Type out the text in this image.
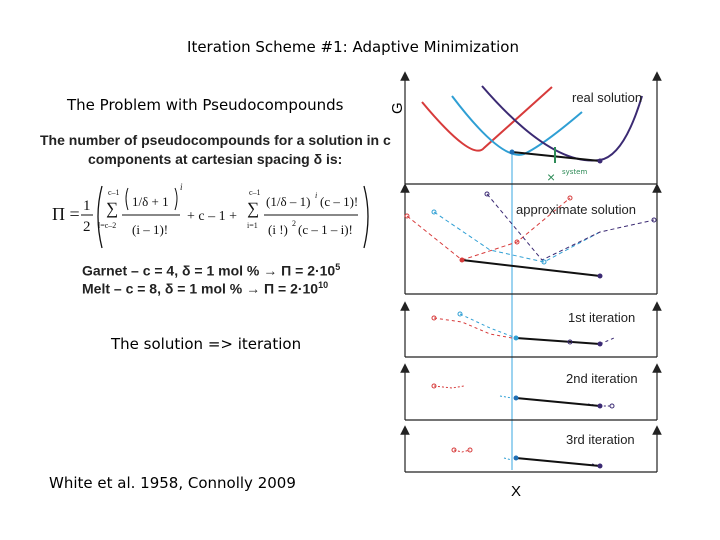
Iteration Scheme #1: Adaptive Minimization
The Problem with Pseudocompounds
The number of pseudocompounds for a solution in c
components at cartesian spacing δ is:
Π = 1
2
c–1
∑
l=c–2
1/δ + 1
i
(i – 1)!
+ c – 1 +
c–1
∑
i=1
(1/δ – 1) i (c – 1)!
(i !) 2 (c – 1 – i)!
Garnet – c = 4, δ = 1 mol % → $\Pi = 2\cdot 10^5$
Melt – c = 8, δ = 1 mol % → $\Pi = 2\cdot 10^{10}$
The solution => iteration
White et al. 1958, Connolly 2009
G
X
× system
real solution
approximate solution
1st iteration
2nd iteration
3rd iteration
